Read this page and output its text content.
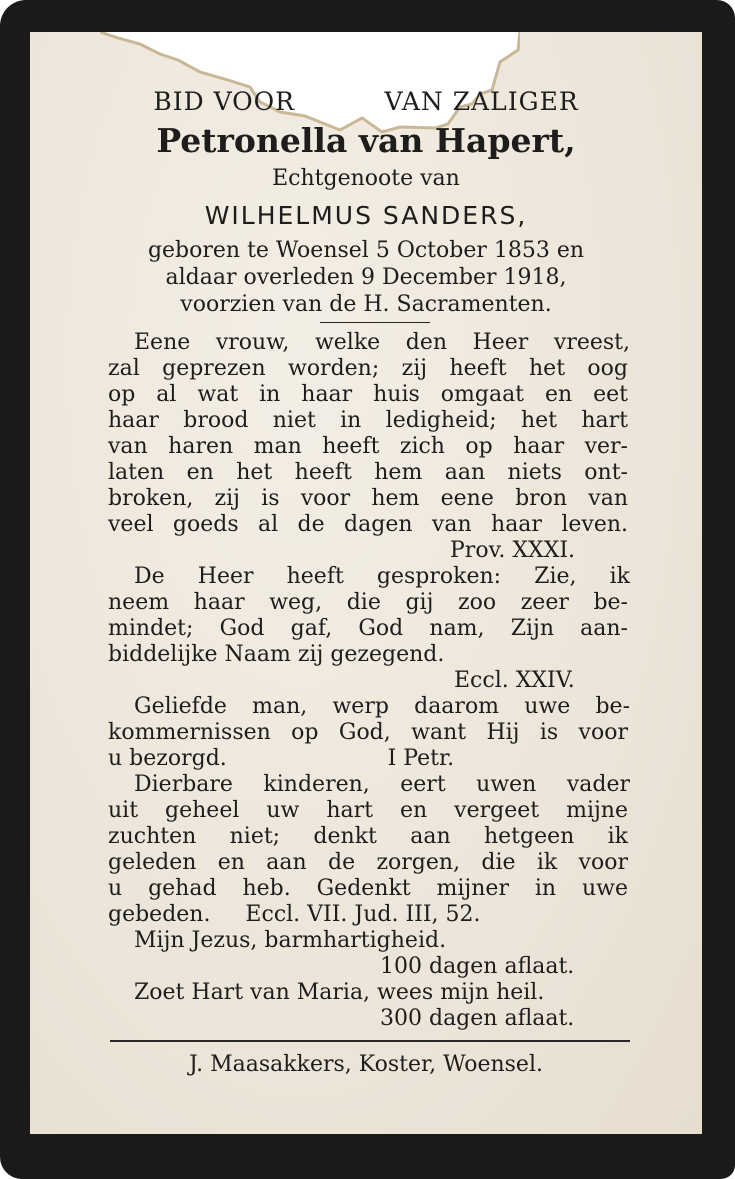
BID VOOR          VAN ZALIGER
Petronella van Hapert,
Echtgenoote van
WILHELMUS SANDERS,
geboren te Woensel 5 October 1853 en
aldaar overleden 9 December 1918,
voorzien van de H. Sacramenten.
Eene vrouw, welke den Heer vreest,
zal geprezen worden; zij heeft het oog
op al wat in haar huis omgaat en eet
haar brood niet in ledigheid; het hart
van haren man heeft zich op haar ver-
laten en het heeft hem aan niets ont-
broken, zij is voor hem eene bron van
veel goeds al de dagen van haar leven.
Prov. XXXI.
De Heer heeft gesproken: Zie, ik
neem haar weg, die gij zoo zeer be-
mindet; God gaf, God nam, Zijn aan-
biddelijke Naam zij gezegend.
Eccl. XXIV.
Geliefde man, werp daarom uwe be-
kommernissen op God, want Hij is voor
u bezorgd.                       I Petr.
Dierbare kinderen, eert uwen vader
uit geheel uw hart en vergeet mijne
zuchten niet; denkt aan hetgeen ik
geleden en aan de zorgen, die ik voor
u gehad heb. Gedenkt mijner in uwe
gebeden.     Eccl. VII. Jud. III, 52.
Mijn Jezus, barmhartigheid.
100 dagen aflaat.
Zoet Hart van Maria, wees mijn heil.
300 dagen aflaat.
J. Maasakkers, Koster, Woensel.
